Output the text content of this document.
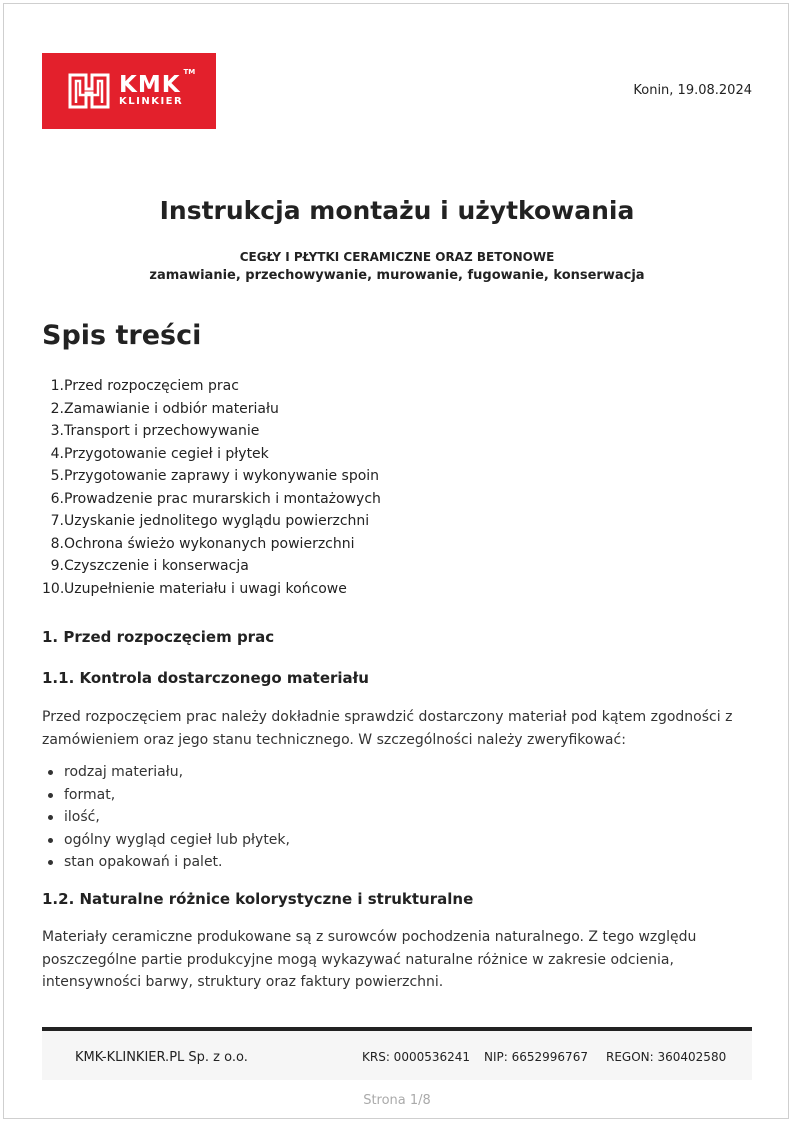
KMK
KLINKIER
TM
Konin, 19.08.2024
Instrukcja montażu i użytkowania
CEGŁY I PŁYTKI CERAMICZNE ORAZ BETONOWE
zamawianie, przechowywanie, murowanie, fugowanie, konserwacja
Spis treści
1. Przed rozpoczęciem prac
2. Zamawianie i odbiór materiału
3. Transport i przechowywanie
4. Przygotowanie cegieł i płytek
5. Przygotowanie zaprawy i wykonywanie spoin
6. Prowadzenie prac murarskich i montażowych
7. Uzyskanie jednolitego wyglądu powierzchni
8. Ochrona świeżo wykonanych powierzchni
9. Czyszczenie i konserwacja
10. Uzupełnienie materiału i uwagi końcowe
1. Przed rozpoczęciem prac
1.1. Kontrola dostarczonego materiału

Przed rozpoczęciem prac należy dokładnie sprawdzić dostarczony materiał pod kątem zgodności z zamówieniem oraz jego stanu technicznego. W szczególności należy zweryfikować:

rodzaj materiału,
format,
ilość,
ogólny wygląd cegieł lub płytek,
stan opakowań i palet.
1.2. Naturalne różnice kolorystyczne i strukturalne

Materiały ceramiczne produkowane są z surowców pochodzenia naturalnego. Z tego względu poszczególne partie produkcyjne mogą wykazywać naturalne różnice w zakresie odcienia, intensywności barwy, struktury oraz faktury powierzchni.

KMK-KLINKIER.PL Sp. z o.o.	KRS: 0000536241 NIP: 6652996767 REGON: 360402580
Strona 1/8
